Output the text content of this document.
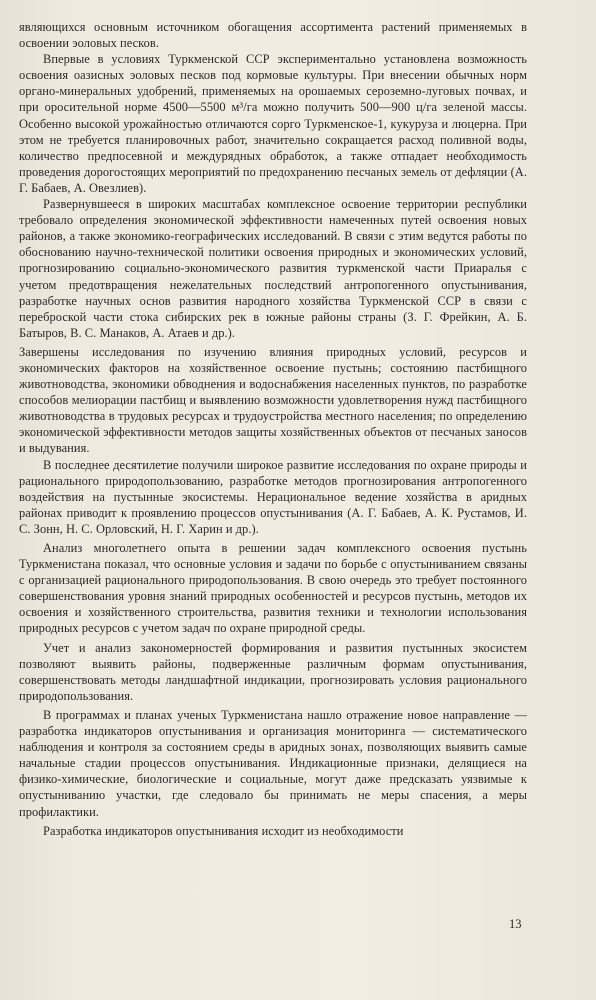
являющихся основным источником обогащения ассортимента растений применяемых в освоении эоловых песков.

Впервые в условиях Туркменской ССР экспериментально установлена возможность освоения оазисных эоловых песков под кормовые культуры. При внесении обычных норм органо-минеральных удобрений, применяемых на орошаемых сероземно-луговых почвах, и при оросительной норме 4500—5500 м³/га можно получить 500—900 ц/га зеленой массы. Особенно высокой урожайностью отличаются сорго Туркменское-1, кукуруза и люцерна. При этом не требуется планировочных работ, значительно сокращается расход поливной воды, количество предпосевной и междурядных обработок, а также отпадает необходимость проведения дорогостоящих мероприятий по предохранению песчаных земель от дефляции (А. Г. Бабаев, А. Овезлиев).

Развернувшееся в широких масштабах комплексное освоение территории республики требовало определения экономической эффективности намеченных путей освоения новых районов, а также экономико-географических исследований. В связи с этим ведутся работы по обоснованию научно-технической политики освоения природных и экономических условий, прогнозированию социально-экономического развития туркменской части Приаралья с учетом предотвращения нежелательных последствий антропогенного опустынивания, разработке научных основ развития народного хозяйства Туркменской ССР в связи с переброской части стока сибирских рек в южные районы страны (З. Г. Фрейкин, А. Б. Батыров, В. С. Манаков, А. Атаев и др.).

Завершены исследования по изучению влияния природных условий, ресурсов и экономических факторов на хозяйственное освоение пустынь; состоянию пастбищного животноводства, экономики обводнения и водоснабжения населенных пунктов, по разработке способов мелиорации пастбищ и выявлению возможности удовлетворения нужд пастбищного животноводства в трудовых ресурсах и трудоустройства местного населения; по определению экономической эффективности методов защиты хозяйственных объектов от песчаных заносов и выдувания.

В последнее десятилетие получили широкое развитие исследования по охране природы и рационального природопользованию, разработке методов прогнозирования антропогенного воздействия на пустынные экосистемы. Нерациональное ведение хозяйства в аридных районах приводит к проявлению процессов опустынивания (А. Г. Бабаев, А. К. Рустамов, И. С. Зонн, Н. С. Орловский, Н. Г. Харин и др.).

Анализ многолетнего опыта в решении задач комплексного освоения пустынь Туркменистана показал, что основные условия и задачи по борьбе с опустыниванием связаны с организацией рационального природопользования. В свою очередь это требует постоянного совершенствования уровня знаний природных особенностей и ресурсов пустынь, методов их освоения и хозяйственного строительства, развития техники и технологии использования природных ресурсов с учетом задач по охране природной среды.

Учет и анализ закономерностей формирования и развития пустынных экосистем позволяют выявить районы, подверженные различным формам опустынивания, совершенствовать методы ландшафтной индикации, прогнозировать условия рационального природопользования.

В программах и планах ученых Туркменистана нашло отражение новое направление — разработка индикаторов опустынивания и организация мониторинга — систематического наблюдения и контроля за состоянием среды в аридных зонах, позволяющих выявить самые начальные стадии процессов опустынивания. Индикационные признаки, делящиеся на физико-химические, биологические и социальные, могут даже предсказать уязвимые к опустыниванию участки, где следовало бы принимать не меры спасения, а меры профилактики.

Разработка индикаторов опустынивания исходит из необходимости

13
